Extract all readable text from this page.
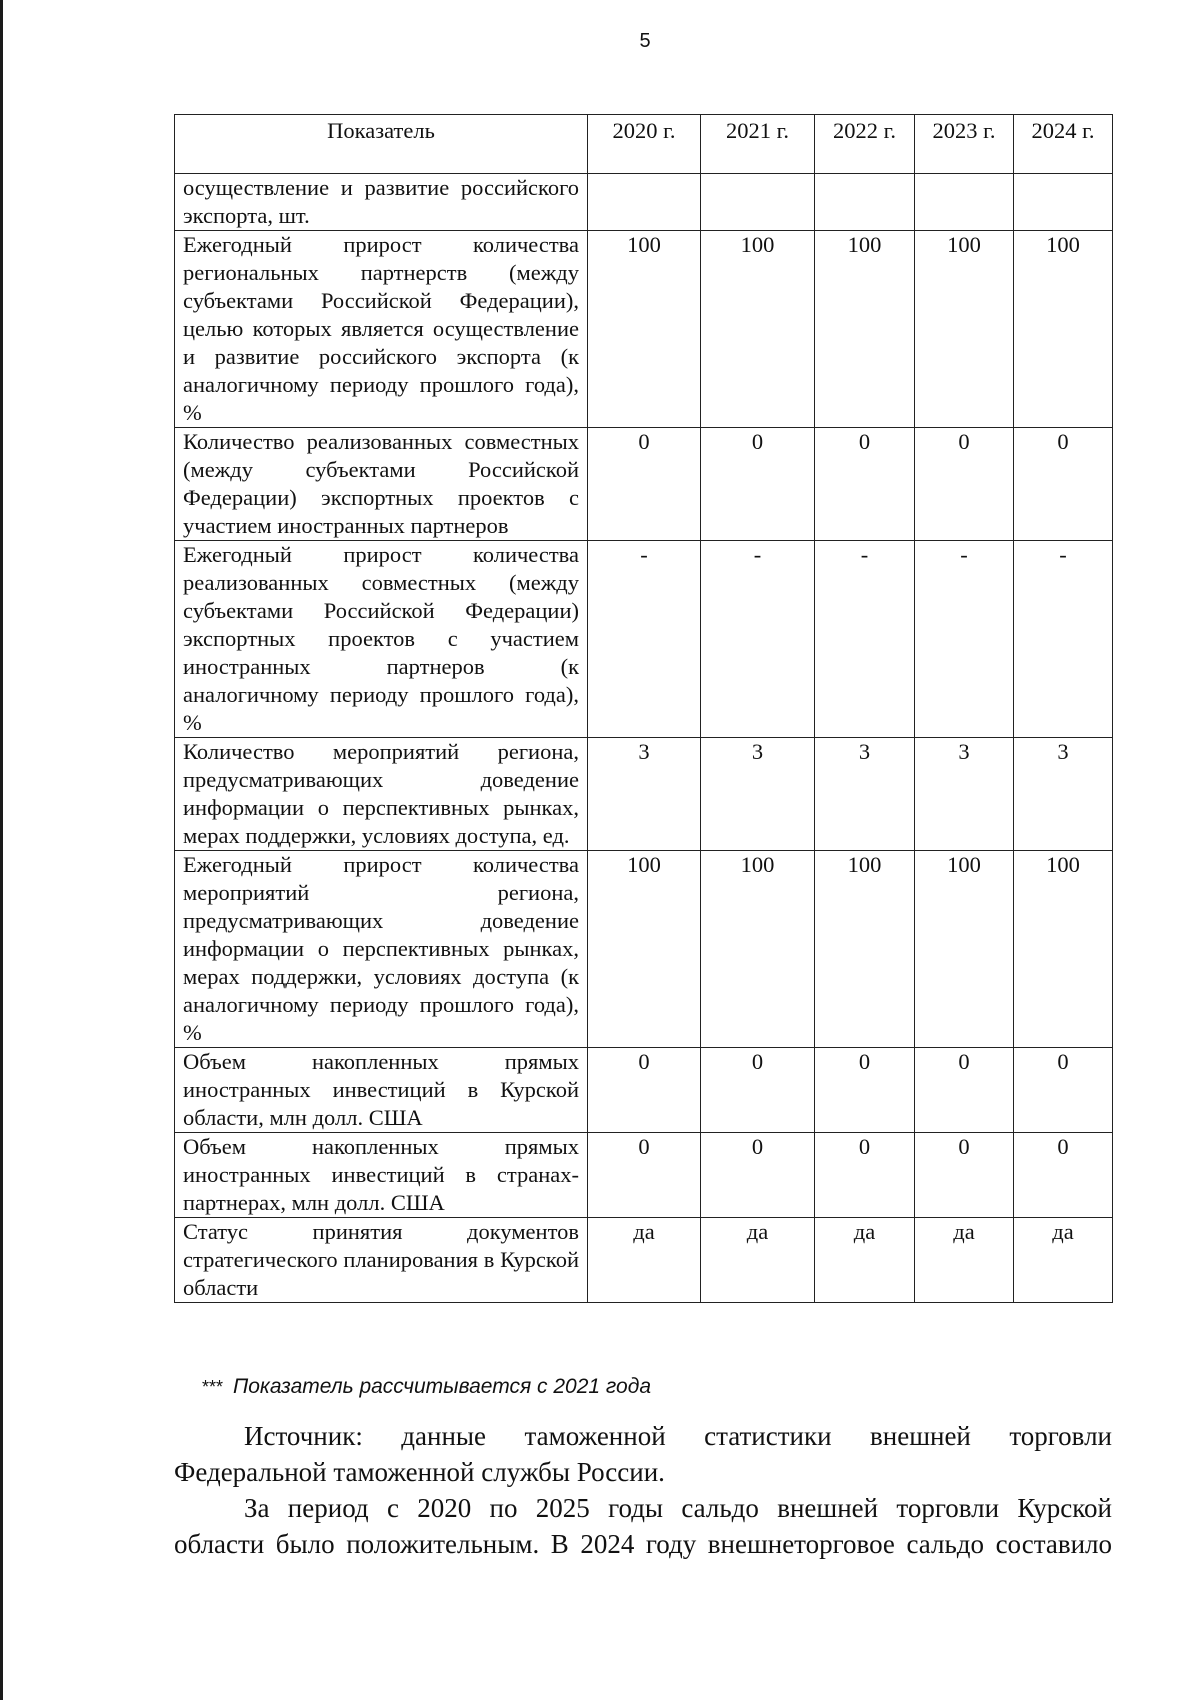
5
Показатель	2020 г.	2021 г.	2022 г.	2023 г.	2024 г.
осуществление и развитие российского экспорта, шт.					
Ежегодный прирост количества региональных партнерств (между субъектами Российской Федерации), целью которых является осуществление и развитие российского экспорта (к аналогичному периоду прошлого года), %	100	100	100	100	100
Количество реализованных совместных (между субъектами Российской Федерации) экспортных проектов с участием иностранных партнеров	0	0	0	0	0
Ежегодный прирост количества реализованных совместных (между субъектами Российской Федерации) экспортных проектов с участием иностранных партнеров (к аналогичному периоду прошлого года), %	-	-	-	-	-
Количество мероприятий региона, предусматривающих доведение информации о перспективных рынках, мерах поддержки, условиях доступа, ед.	3	3	3	3	3
Ежегодный прирост количества мероприятий региона, предусматривающих доведение информации о перспективных рынках, мерах поддержки, условиях доступа (к аналогичному периоду прошлого года), %	100	100	100	100	100
Объем накопленных прямых иностранных инвестиций в Курской области, млн долл. США	0	0	0	0	0
Объем накопленных прямых иностранных инвестиций в странах-партнерах, млн долл. США	0	0	0	0	0
Статус принятия документов стратегического планирования в Курской области	да	да	да	да	да
*** Показатель рассчитывается с 2021 года
Источник: данные таможенной статистики внешней торговли
Федеральной таможенной службы России.
За период с 2020 по 2025 годы сальдо внешней торговли Курской
области было положительным. В 2024 году внешнеторговое сальдо составило
